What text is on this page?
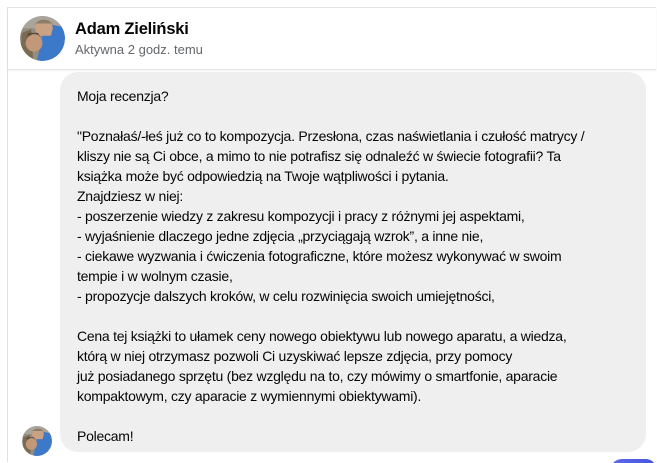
Adam Zieliński
Aktywna 2 godz. temu
Moja recenzja?
"Poznałaś/-łeś już co to kompozycja. Przesłona, czas naświetlania i czułość matrycy /
kliszy nie są Ci obce, a mimo to nie potrafisz się odnaleźć w świecie fotografii? Ta
książka może być odpowiedzią na Twoje wątpliwości i pytania.
Znajdziesz w niej:
- poszerzenie wiedzy z zakresu kompozycji i pracy z różnymi jej aspektami,
- wyjaśnienie dlaczego jedne zdjęcia „przyciągają wzrok”, a inne nie,
- ciekawe wyzwania i ćwiczenia fotograficzne, które możesz wykonywać w swoim
tempie i w wolnym czasie,
- propozycje dalszych kroków, w celu rozwinięcia swoich umiejętności,
Cena tej książki to ułamek ceny nowego obiektywu lub nowego aparatu, a wiedza,
którą w niej otrzymasz pozwoli Ci uzyskiwać lepsze zdjęcia, przy pomocy
już posiadanego sprzętu (bez względu na to, czy mówimy o smartfonie, aparacie
kompaktowym, czy aparacie z wymiennymi obiektywami).
Polecam!
